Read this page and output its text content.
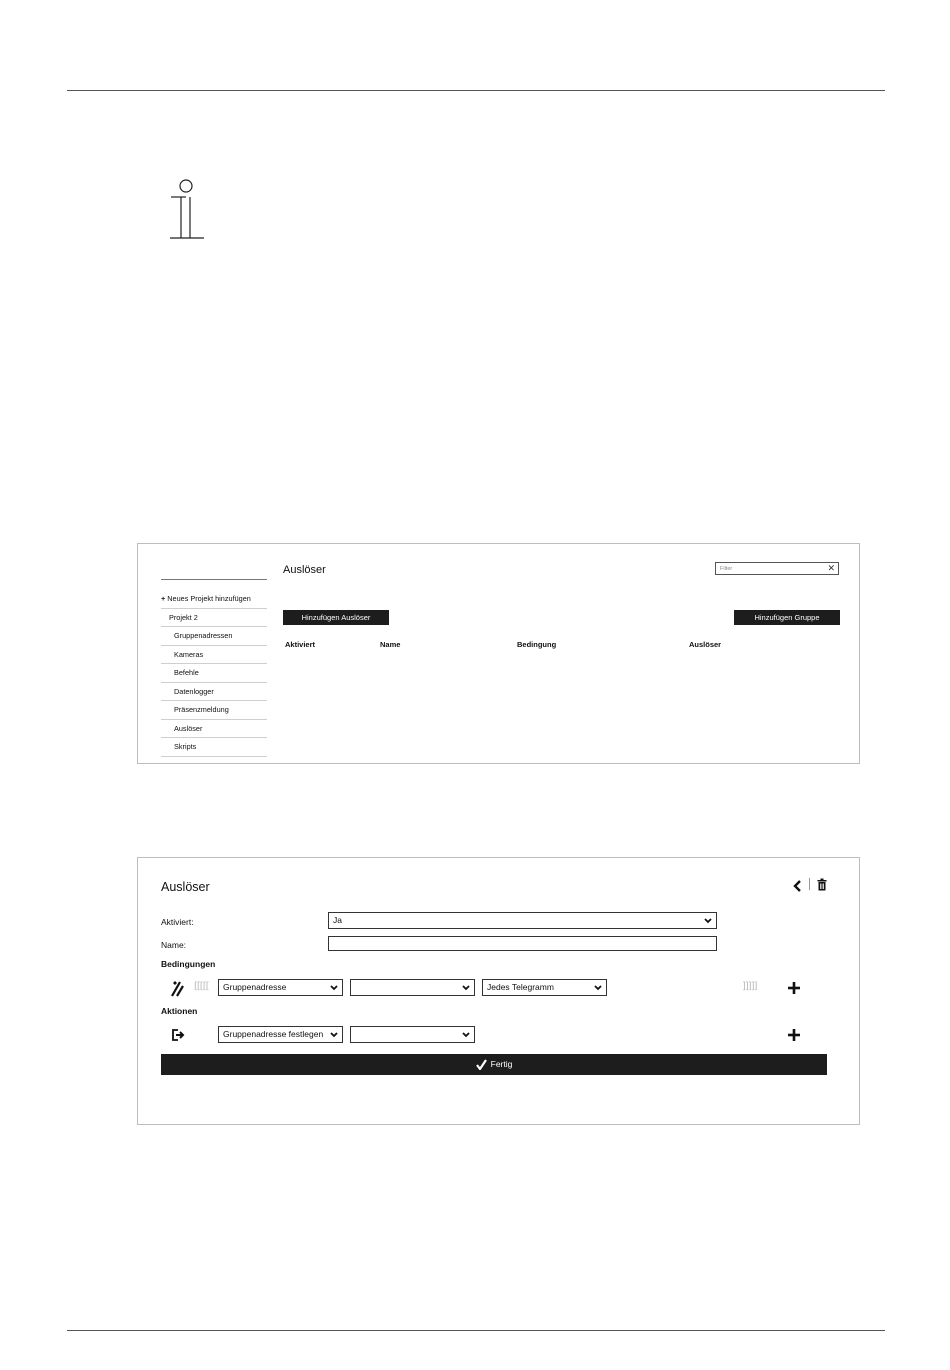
+ Neues Projekt hinzufügen
Projekt 2
Gruppenadressen
Kameras
Befehle
Datenlogger
Präsenzmeldung
Auslöser
Skripts
Auslöser	Filter	✕
Hinzufügen Auslöser	Hinzufügen Gruppe
Aktiviert	Name	Bedingung	Auslöser
Auslöser
Aktiviert:	Ja
Name:
Bedingungen
[[[[[	Gruppenadresse	Jedes Telegramm	]]]]]
Aktionen
Gruppenadresse festlegen
Fertig
